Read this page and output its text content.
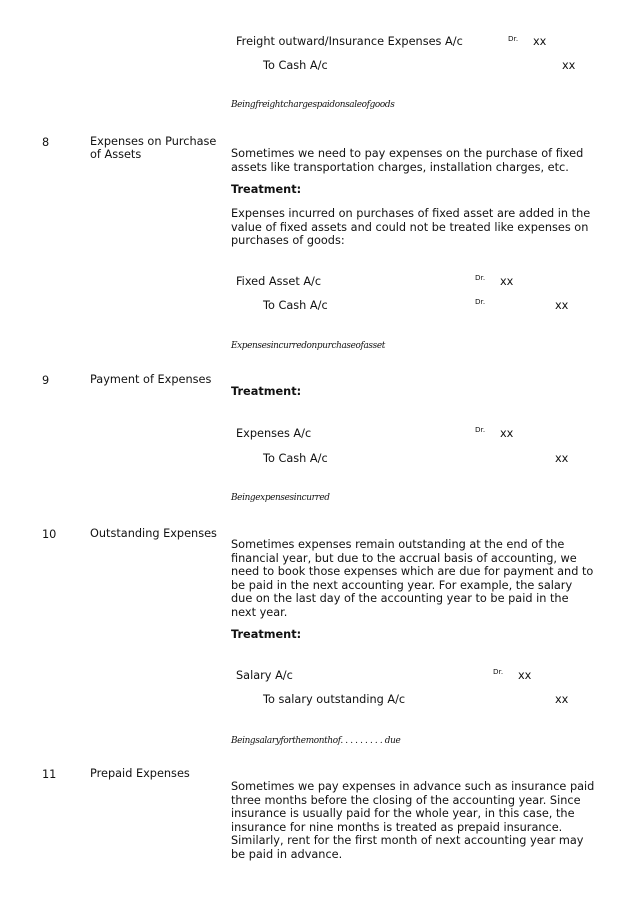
Freight outward/Insurance Expenses A/c	Dr. xx
To Cash A/c	xx
Beingfreightchargespaidonsaleofgoods
8	Expenses on Purchase of Assets	Sometimes we need to pay expenses on the purchase of fixed assets like transportation charges, installation charges, etc.
Treatment:
Expenses incurred on purchases of fixed asset are added in the value of fixed assets and could not be treated like expenses on purchases of goods:
Fixed Asset A/c	Dr. xx
To Cash A/c	Dr.	xx
Expensesincurredonpurchaseofasset
9	Payment of Expenses
Treatment:
Expenses A/c	Dr. xx
To Cash A/c	xx
Beingexpensesincurred
10	Outstanding Expenses
Sometimes expenses remain outstanding at the end of the financial year, but due to the accrual basis of accounting, we need to book those expenses which are due for payment and to be paid in the next accounting year. For example, the salary due on the last day of the accounting year to be paid in the next year.
Treatment:
Salary A/c	Dr. xx
To salary outstanding A/c	xx
Beingsalaryforthemonthof. . . . . . . . . due
11	Prepaid Expenses
Sometimes we pay expenses in advance such as insurance paid three months before the closing of the accounting year. Since insurance is usually paid for the whole year, in this case, the insurance for nine months is treated as prepaid insurance. Similarly, rent for the first month of next accounting year may be paid in advance.
